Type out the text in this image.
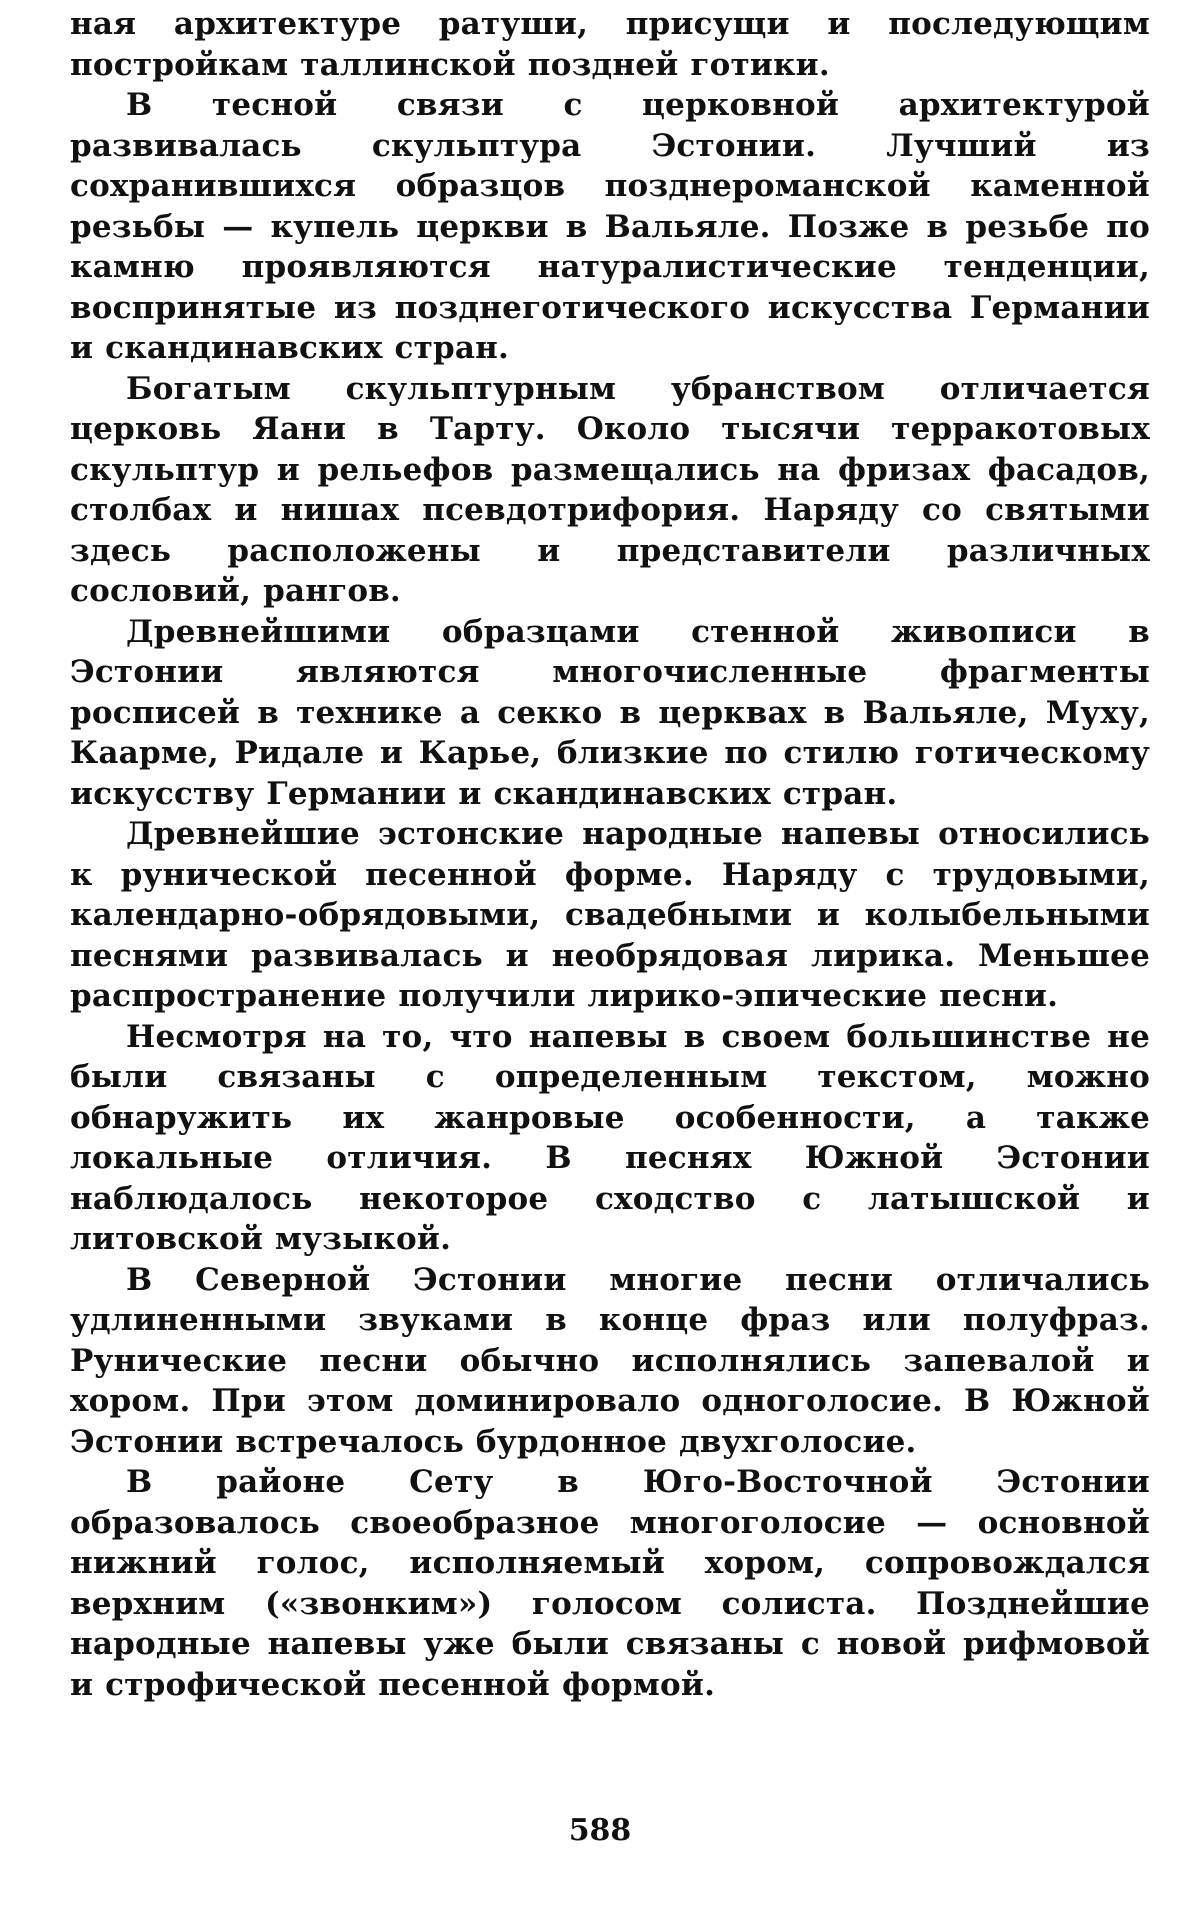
ная архитектуре ратуши, присущи и последующим постройкам таллинской поздней готики.

В тесной связи с церковной архитектурой развивалась скульптура Эстонии. Лучший из сохранившихся образцов позднероманской каменной резьбы — купель церкви в Вальяле. Позже в резьбе по камню проявляются натуралистические тенденции, воспринятые из позднеготического искусства Германии и скандинавских стран.

Богатым скульптурным убранством отличается церковь Яани в Тарту. Около тысячи терракотовых скульптур и рельефов размещались на фризах фасадов, столбах и нишах псевдотрифория. Наряду со святыми здесь расположены и представители различных сословий, рангов.

Древнейшими образцами стенной живописи в Эстонии являются многочисленные фрагменты росписей в технике а секко в церквах в Вальяле, Муху, Каарме, Ридале и Карье, близкие по стилю готическому искусству Германии и скандинавских стран.

Древнейшие эстонские народные напевы относились к рунической песенной форме. Наряду с трудовыми, календарно-обрядовыми, свадебными и колыбельными песнями развивалась и необрядовая лирика. Меньшее распространение получили лирико-эпические песни.

Несмотря на то, что напевы в своем большинстве не были связаны с определенным текстом, можно обнаружить их жанровые особенности, а также локальные отличия. В песнях Южной Эстонии наблюдалось некоторое сходство с латышской и литовской музыкой.

В Северной Эстонии многие песни отличались удлиненными звуками в конце фраз или полуфраз. Рунические песни обычно исполнялись запевалой и хором. При этом доминировало одноголосие. В Южной Эстонии встречалось бурдонное двухголосие.

В районе Сету в Юго-Восточной Эстонии образовалось своеобразное многоголосие — основной нижний голос, исполняемый хором, сопровождался верхним («звонким») голосом солиста. Позднейшие народные напевы уже были связаны с новой рифмовой и строфической песенной формой.

588
